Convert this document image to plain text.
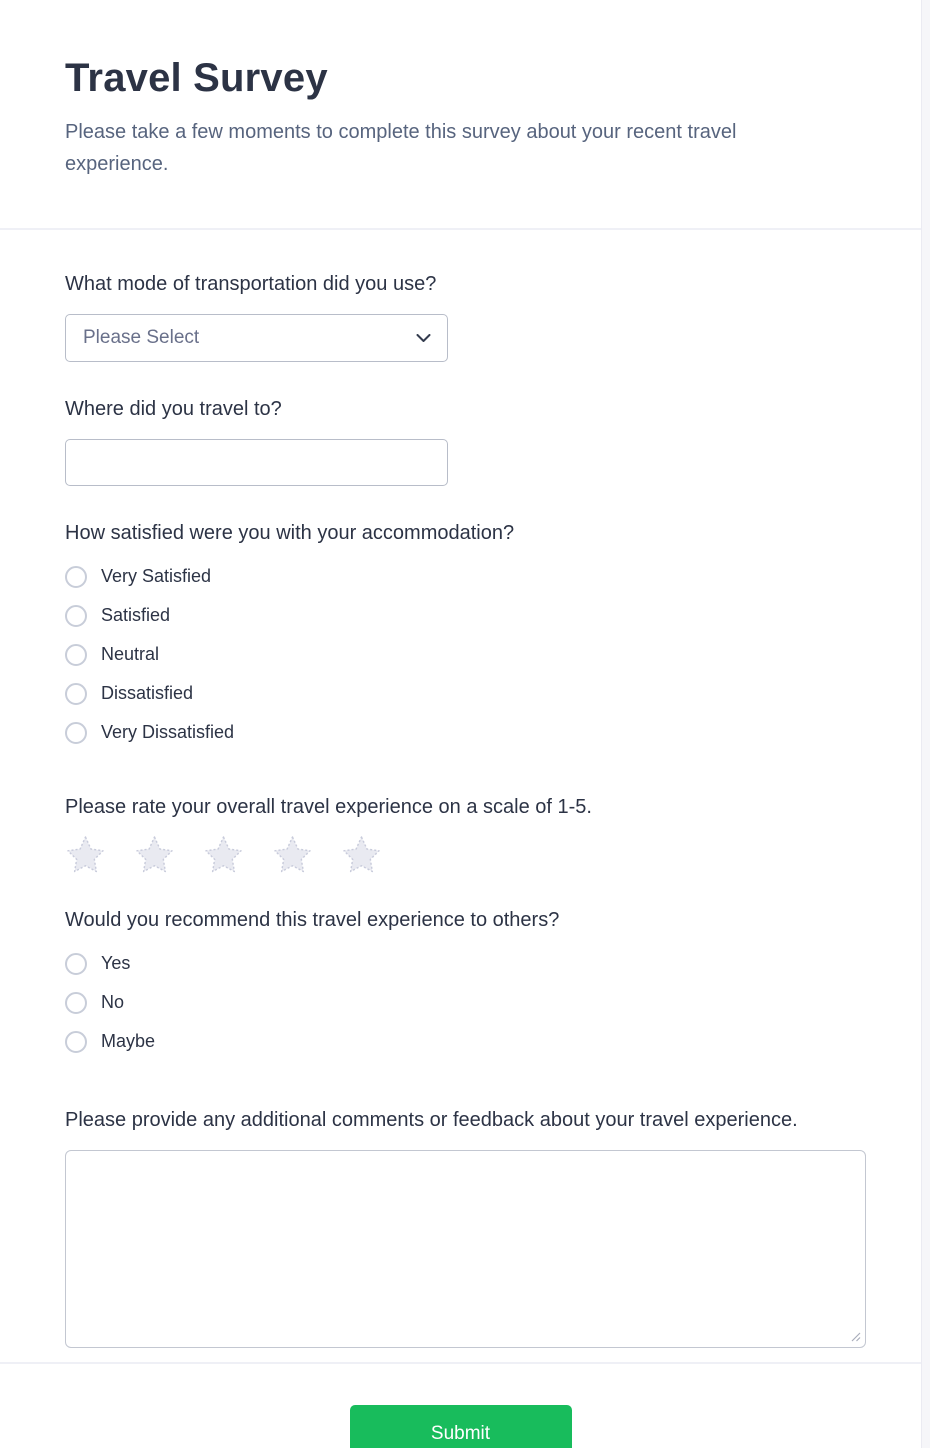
Travel Survey

Please take a few moments to complete this survey about your recent travel experience.

What mode of transportation did you use?
Please Select
Where did you travel to?
How satisfied were you with your accommodation?
Very Satisfied
Satisfied
Neutral
Dissatisfied
Very Dissatisfied
Please rate your overall travel experience on a scale of 1-5.
Would you recommend this travel experience to others?
Yes
No
Maybe
Please provide any additional comments or feedback about your travel experience.
Submit
